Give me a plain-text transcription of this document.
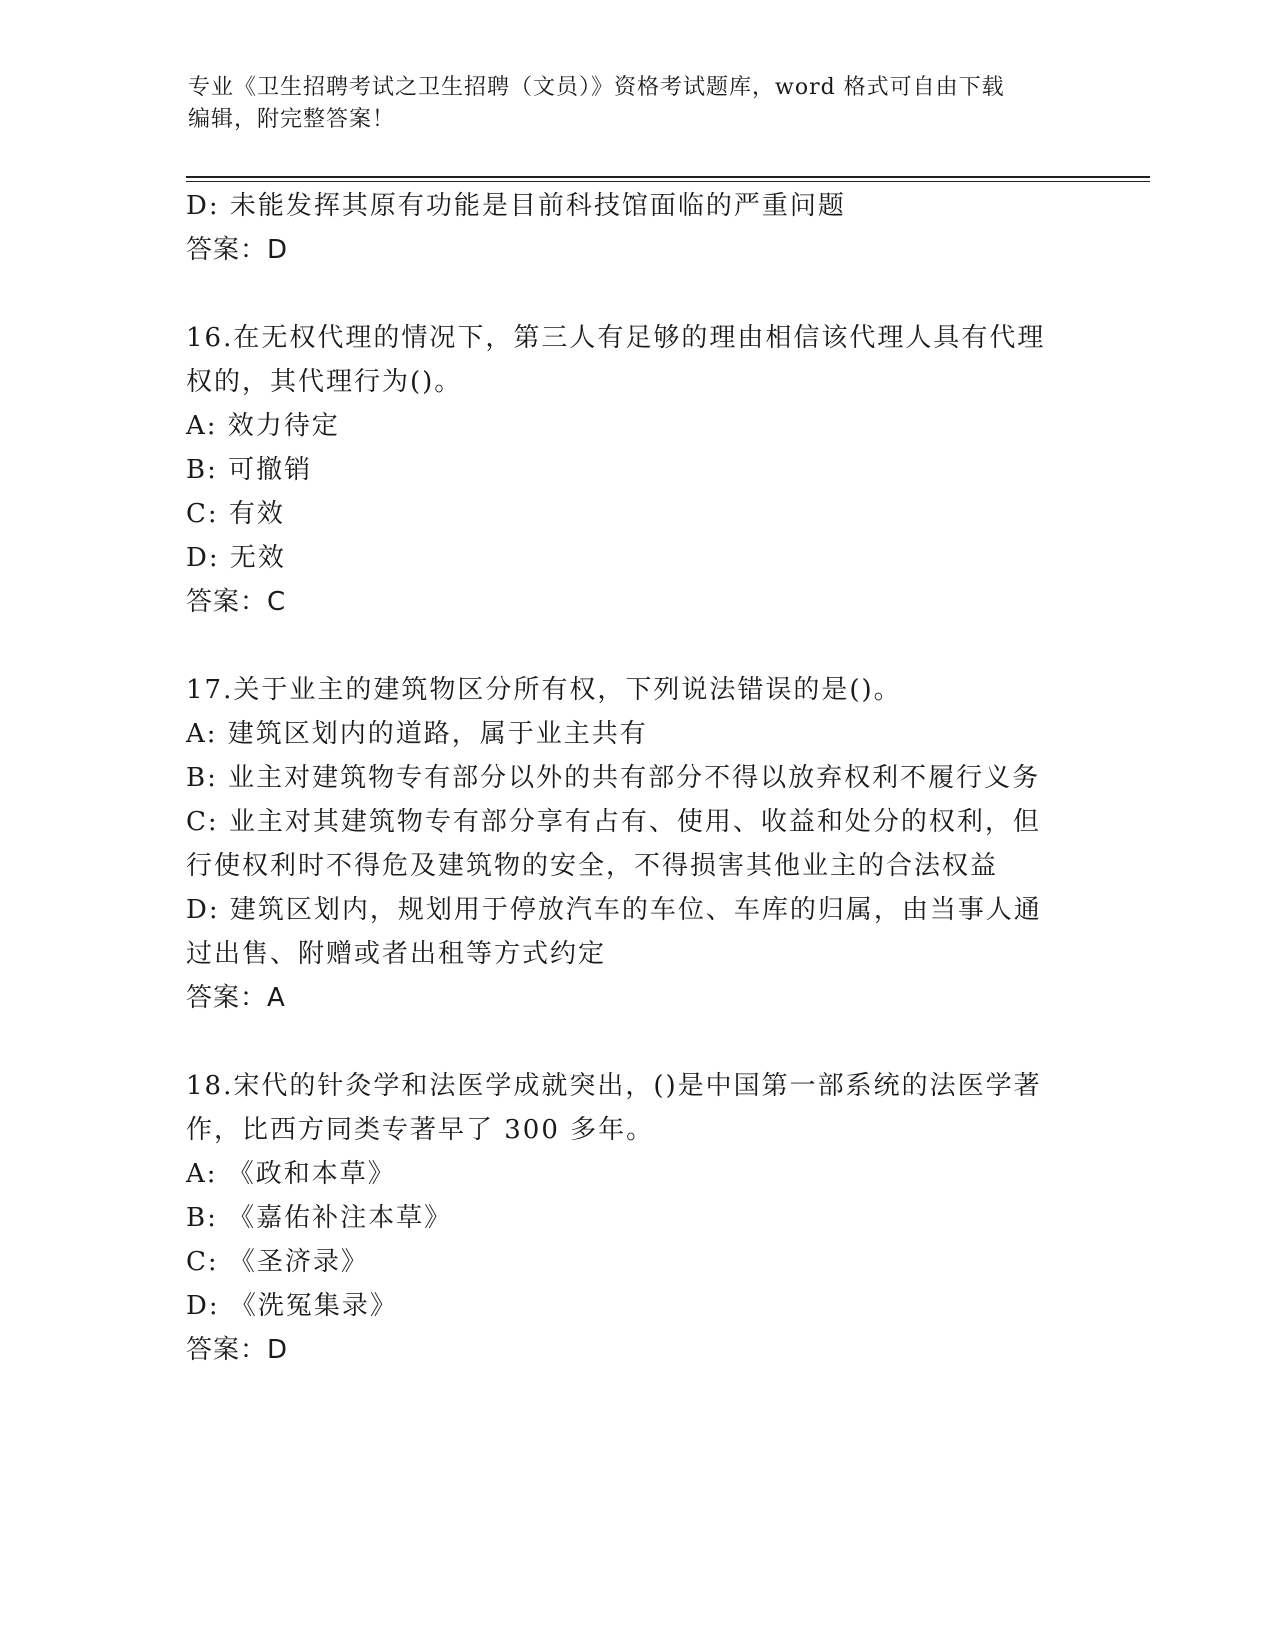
专业《卫生招聘考试之卫生招聘（文员）》资格考试题库，word 格式可自由下载
编辑，附完整答案！
D: 未能发挥其原有功能是目前科技馆面临的严重问题
答案：D
16.在无权代理的情况下，第三人有足够的理由相信该代理人具有代理
权的，其代理行为()。
A: 效力待定
B: 可撤销
C: 有效
D: 无效
答案：C
17.关于业主的建筑物区分所有权，下列说法错误的是()。
A: 建筑区划内的道路，属于业主共有
B: 业主对建筑物专有部分以外的共有部分不得以放弃权利不履行义务
C: 业主对其建筑物专有部分享有占有、使用、收益和处分的权利，但
行使权利时不得危及建筑物的安全，不得损害其他业主的合法权益
D: 建筑区划内，规划用于停放汽车的车位、车库的归属，由当事人通
过出售、附赠或者出租等方式约定
答案：A
18.宋代的针灸学和法医学成就突出，()是中国第一部系统的法医学著
作，比西方同类专著早了 300 多年。
A: 《政和本草》
B: 《嘉佑补注本草》
C: 《圣济录》
D: 《洗冤集录》
答案：D
